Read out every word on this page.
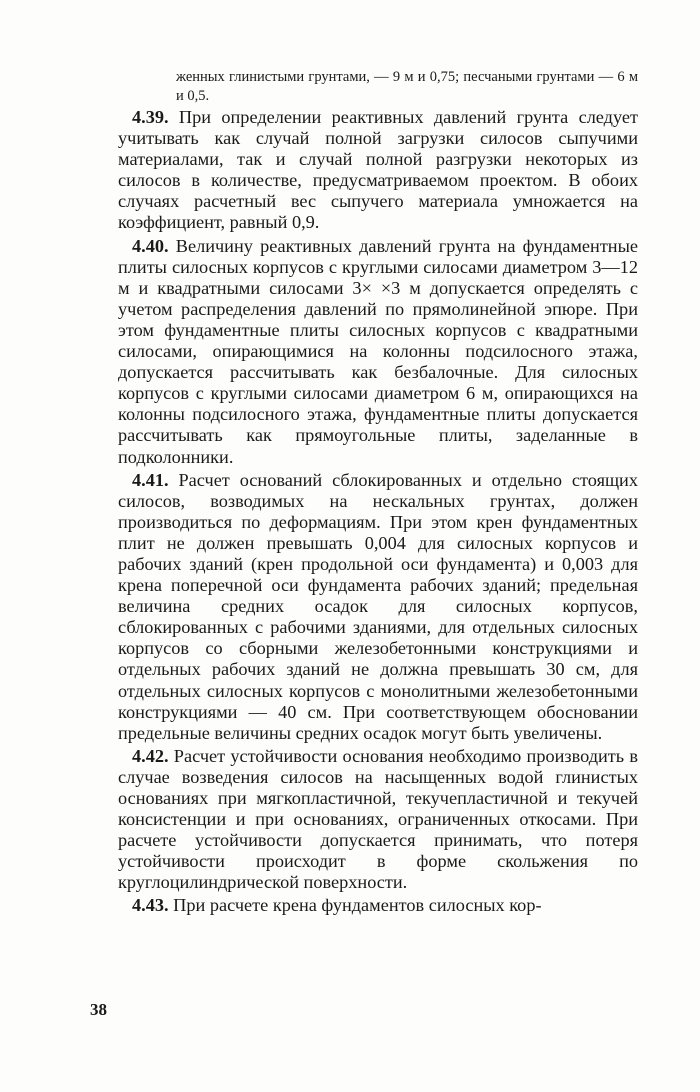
женных глинистыми грунтами, — 9 м и 0,75; песчаными грунтами — 6 м и 0,5.

4.39. При определении реактивных давлений грунта следует учитывать как случай полной загрузки силосов сыпучими материалами, так и случай полной разгрузки некоторых из силосов в количестве, предусматриваемом проектом. В обоих случаях расчетный вес сыпучего материала умножается на коэффициент, равный 0,9.

4.40. Величину реактивных давлений грунта на фундаментные плиты силосных корпусов с круглыми силосами диаметром 3—12 м и квадратными силосами 3× ×3 м допускается определять с учетом распределения давлений по прямолинейной эпюре. При этом фундаментные плиты силосных корпусов с квадратными силосами, опирающимися на колонны подсилосного этажа, допускается рассчитывать как безбалочные. Для силосных корпусов с круглыми силосами диаметром 6 м, опирающихся на колонны подсилосного этажа, фундаментные плиты допускается рассчитывать как прямоугольные плиты, заделанные в подколонники.

4.41. Расчет оснований сблокированных и отдельно стоящих силосов, возводимых на нескальных грунтах, должен производиться по деформациям. При этом крен фундаментных плит не должен превышать 0,004 для силосных корпусов и рабочих зданий (крен продольной оси фундамента) и 0,003 для крена поперечной оси фундамента рабочих зданий; предельная величина средних осадок для силосных корпусов, сблокированных с рабочими зданиями, для отдельных силосных корпусов со сборными железобетонными конструкциями и отдельных рабочих зданий не должна превышать 30 см, для отдельных силосных корпусов с монолитными железобетонными конструкциями — 40 см. При соответствующем обосновании предельные величины средних осадок могут быть увеличены.

4.42. Расчет устойчивости основания необходимо производить в случае возведения силосов на насыщенных водой глинистых основаниях при мягкопластичной, текучепластичной и текучей консистенции и при основаниях, ограниченных откосами. При расчете устойчивости допускается принимать, что потеря устойчивости происходит в форме скольжения по круглоцилиндрической поверхности.

4.43. При расчете крена фундаментов силосных кор-

38
